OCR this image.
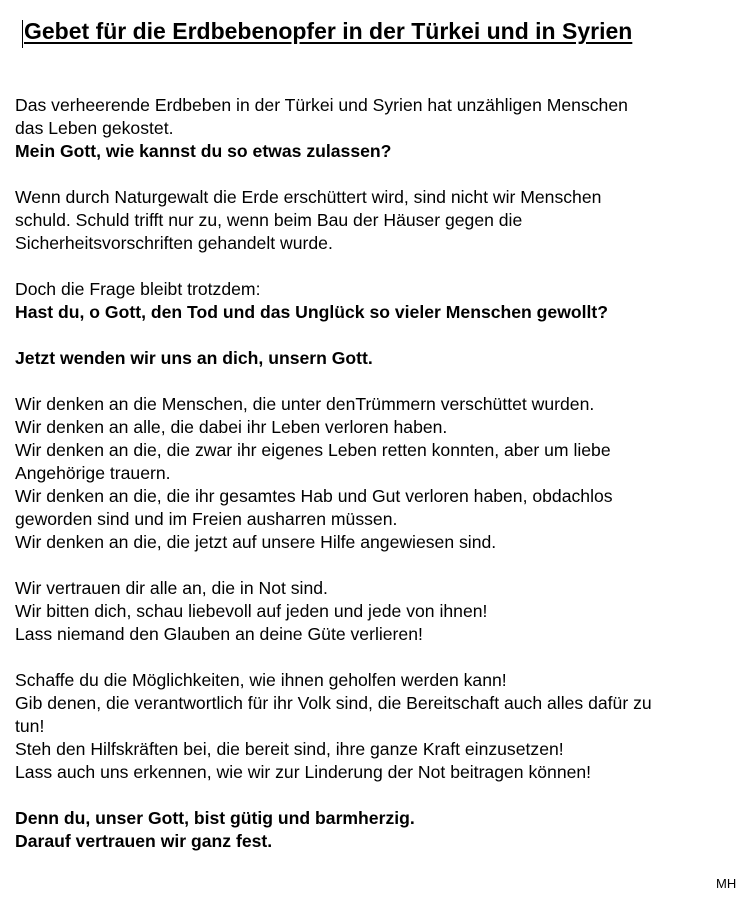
Gebet für die Erdbebenopfer in der Türkei und in Syrien

Das verheerende Erdbeben in der Türkei und Syrien hat unzähligen Menschen
das Leben gekostet.
Mein Gott, wie kannst du so etwas zulassen?

Wenn durch Naturgewalt die Erde erschüttert wird, sind nicht wir Menschen
schuld. Schuld trifft nur zu, wenn beim Bau der Häuser gegen die
Sicherheitsvorschriften gehandelt wurde.

Doch die Frage bleibt trotzdem:
Hast du, o Gott, den Tod und das Unglück so vieler Menschen gewollt?

Jetzt wenden wir uns an dich, unsern Gott.

Wir denken an die Menschen, die unter denTrümmern verschüttet wurden.
Wir denken an alle, die dabei ihr Leben verloren haben.
Wir denken an die, die zwar ihr eigenes Leben retten konnten, aber um liebe
Angehörige trauern.
Wir denken an die, die ihr gesamtes Hab und Gut verloren haben, obdachlos
geworden sind und im Freien ausharren müssen.
Wir denken an die, die jetzt auf unsere Hilfe angewiesen sind.

Wir vertrauen dir alle an, die in Not sind.
Wir bitten dich, schau liebevoll auf jeden und jede von ihnen!
Lass niemand den Glauben an deine Güte verlieren!

Schaffe du die Möglichkeiten, wie ihnen geholfen werden kann!
Gib denen, die verantwortlich für ihr Volk sind, die Bereitschaft auch alles dafür zu
tun!
Steh den Hilfskräften bei, die bereit sind, ihre ganze Kraft einzusetzen!
Lass auch uns erkennen, wie wir zur Linderung der Not beitragen können!

Denn du, unser Gott, bist gütig und barmherzig.
Darauf vertrauen wir ganz fest.

MH
